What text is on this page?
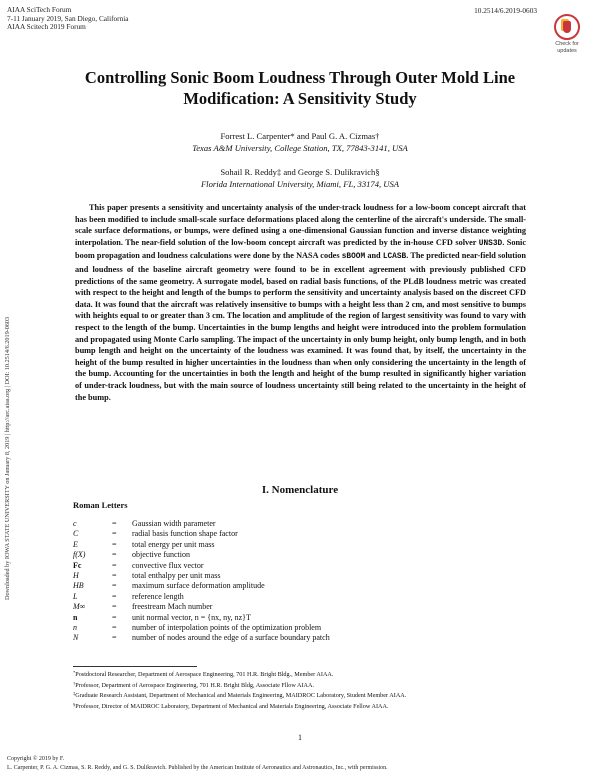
AIAA SciTech Forum
7-11 January 2019, San Diego, California
AIAA Scitech 2019 Forum
10.2514/6.2019-0603
Check for
updates
Downloaded by IOWA STATE UNIVERSITY on January 8, 2019 | http://arc.aiaa.org | DOI: 10.2514/6.2019-0603
Controlling Sonic Boom Loudness Through Outer Mold Line
Modification: A Sensitivity Study
Forrest L. Carpenter* and Paul G. A. Cizmas†
Texas A&M University, College Station, TX, 77843-3141, USA
Sohail R. Reddy‡ and George S. Dulikravich§
Florida International University, Miami, FL, 33174, USA
This paper presents a sensitivity and uncertainty analysis of the under-track loudness for a low-boom concept aircraft that has been modified to include small-scale surface deformations placed along the centerline of the aircraft's underside. The small-scale surface deformations, or bumps, were defined using a one-dimensional Gaussian function and inverse distance weighting interpolation. The near-field solution of the low-boom concept aircraft was predicted by the in-house CFD solver UNS3D. Sonic boom propagation and loudness calculations were done by the NASA codes sBOOM and LCASB. The predicted near-field solution and loudness of the baseline aircraft geometry were found to be in excellent agreement with previously published CFD predictions of the same geometry. A surrogate model, based on radial basis functions, of the PLdB loudness metric was created with respect to the height and length of the bumps to perform the sensitivity and uncertainty analysis based on the discreet CFD data. It was found that the aircraft was relatively insensitive to bumps with a height less than 2 cm, and most sensitive to bumps with heights equal to or greater than 3 cm. The location and amplitude of the region of largest sensitivity was found to vary with respect to the length of the bump. Uncertainties in the bump lengths and height were introduced into the problem formulation and propagated using Monte Carlo sampling. The impact of the uncertainty in only bump height, only bump length, and in both bump length and height on the uncertainty of the loudness was examined. It was found that, by itself, the uncertainty in the height of the bump resulted in higher uncertainties in the loudness than when only considering the uncertainty in the length of the bump. Accounting for the uncertainties in both the length and height of the bump resulted in significantly higher variation of under-track loudness, but with the main source of loudness uncertainty still being related to the uncertainty in the height of the bump.
I. Nomenclature
Roman Letters
c	= Gaussian width parameter
C	= radial basis function shape factor
E	= total energy per unit mass
f(X)	= objective function
Fc	= convective flux vector
H	= total enthalpy per unit mass
HB	= maximum surface deformation amplitude
L	= reference length
M∞	= freestream Mach number
n	= unit normal vector, n = {nx, ny, nz}T
n	= number of interpolation points of the optimization problem
N	= number of nodes around the edge of a surface boundary patch
*Postdoctoral Researcher, Department of Aerospace Engineering, 701 H.R. Bright Bldg., Member AIAA.
†Professor, Department of Aerospace Engineering, 701 H.R. Bright Bldg, Associate Fllow AIAA.
‡Graduate Research Assistant, Department of Mechanical and Materials Engineering, MAIDROC Laboratory, Student Member AIAA.
§Professor, Director of MAIDROC Laboratory, Department of Mechanical and Materials Engineering, Associate Fellow AIAA.
1
Copyright © 2019 by F.
L. Carpenter, P. G. A. Cizmas, S. R. Reddy, and G. S. Dulikravich. Published by the American Institute of Aeronautics and Astronautics, Inc., with permission.
